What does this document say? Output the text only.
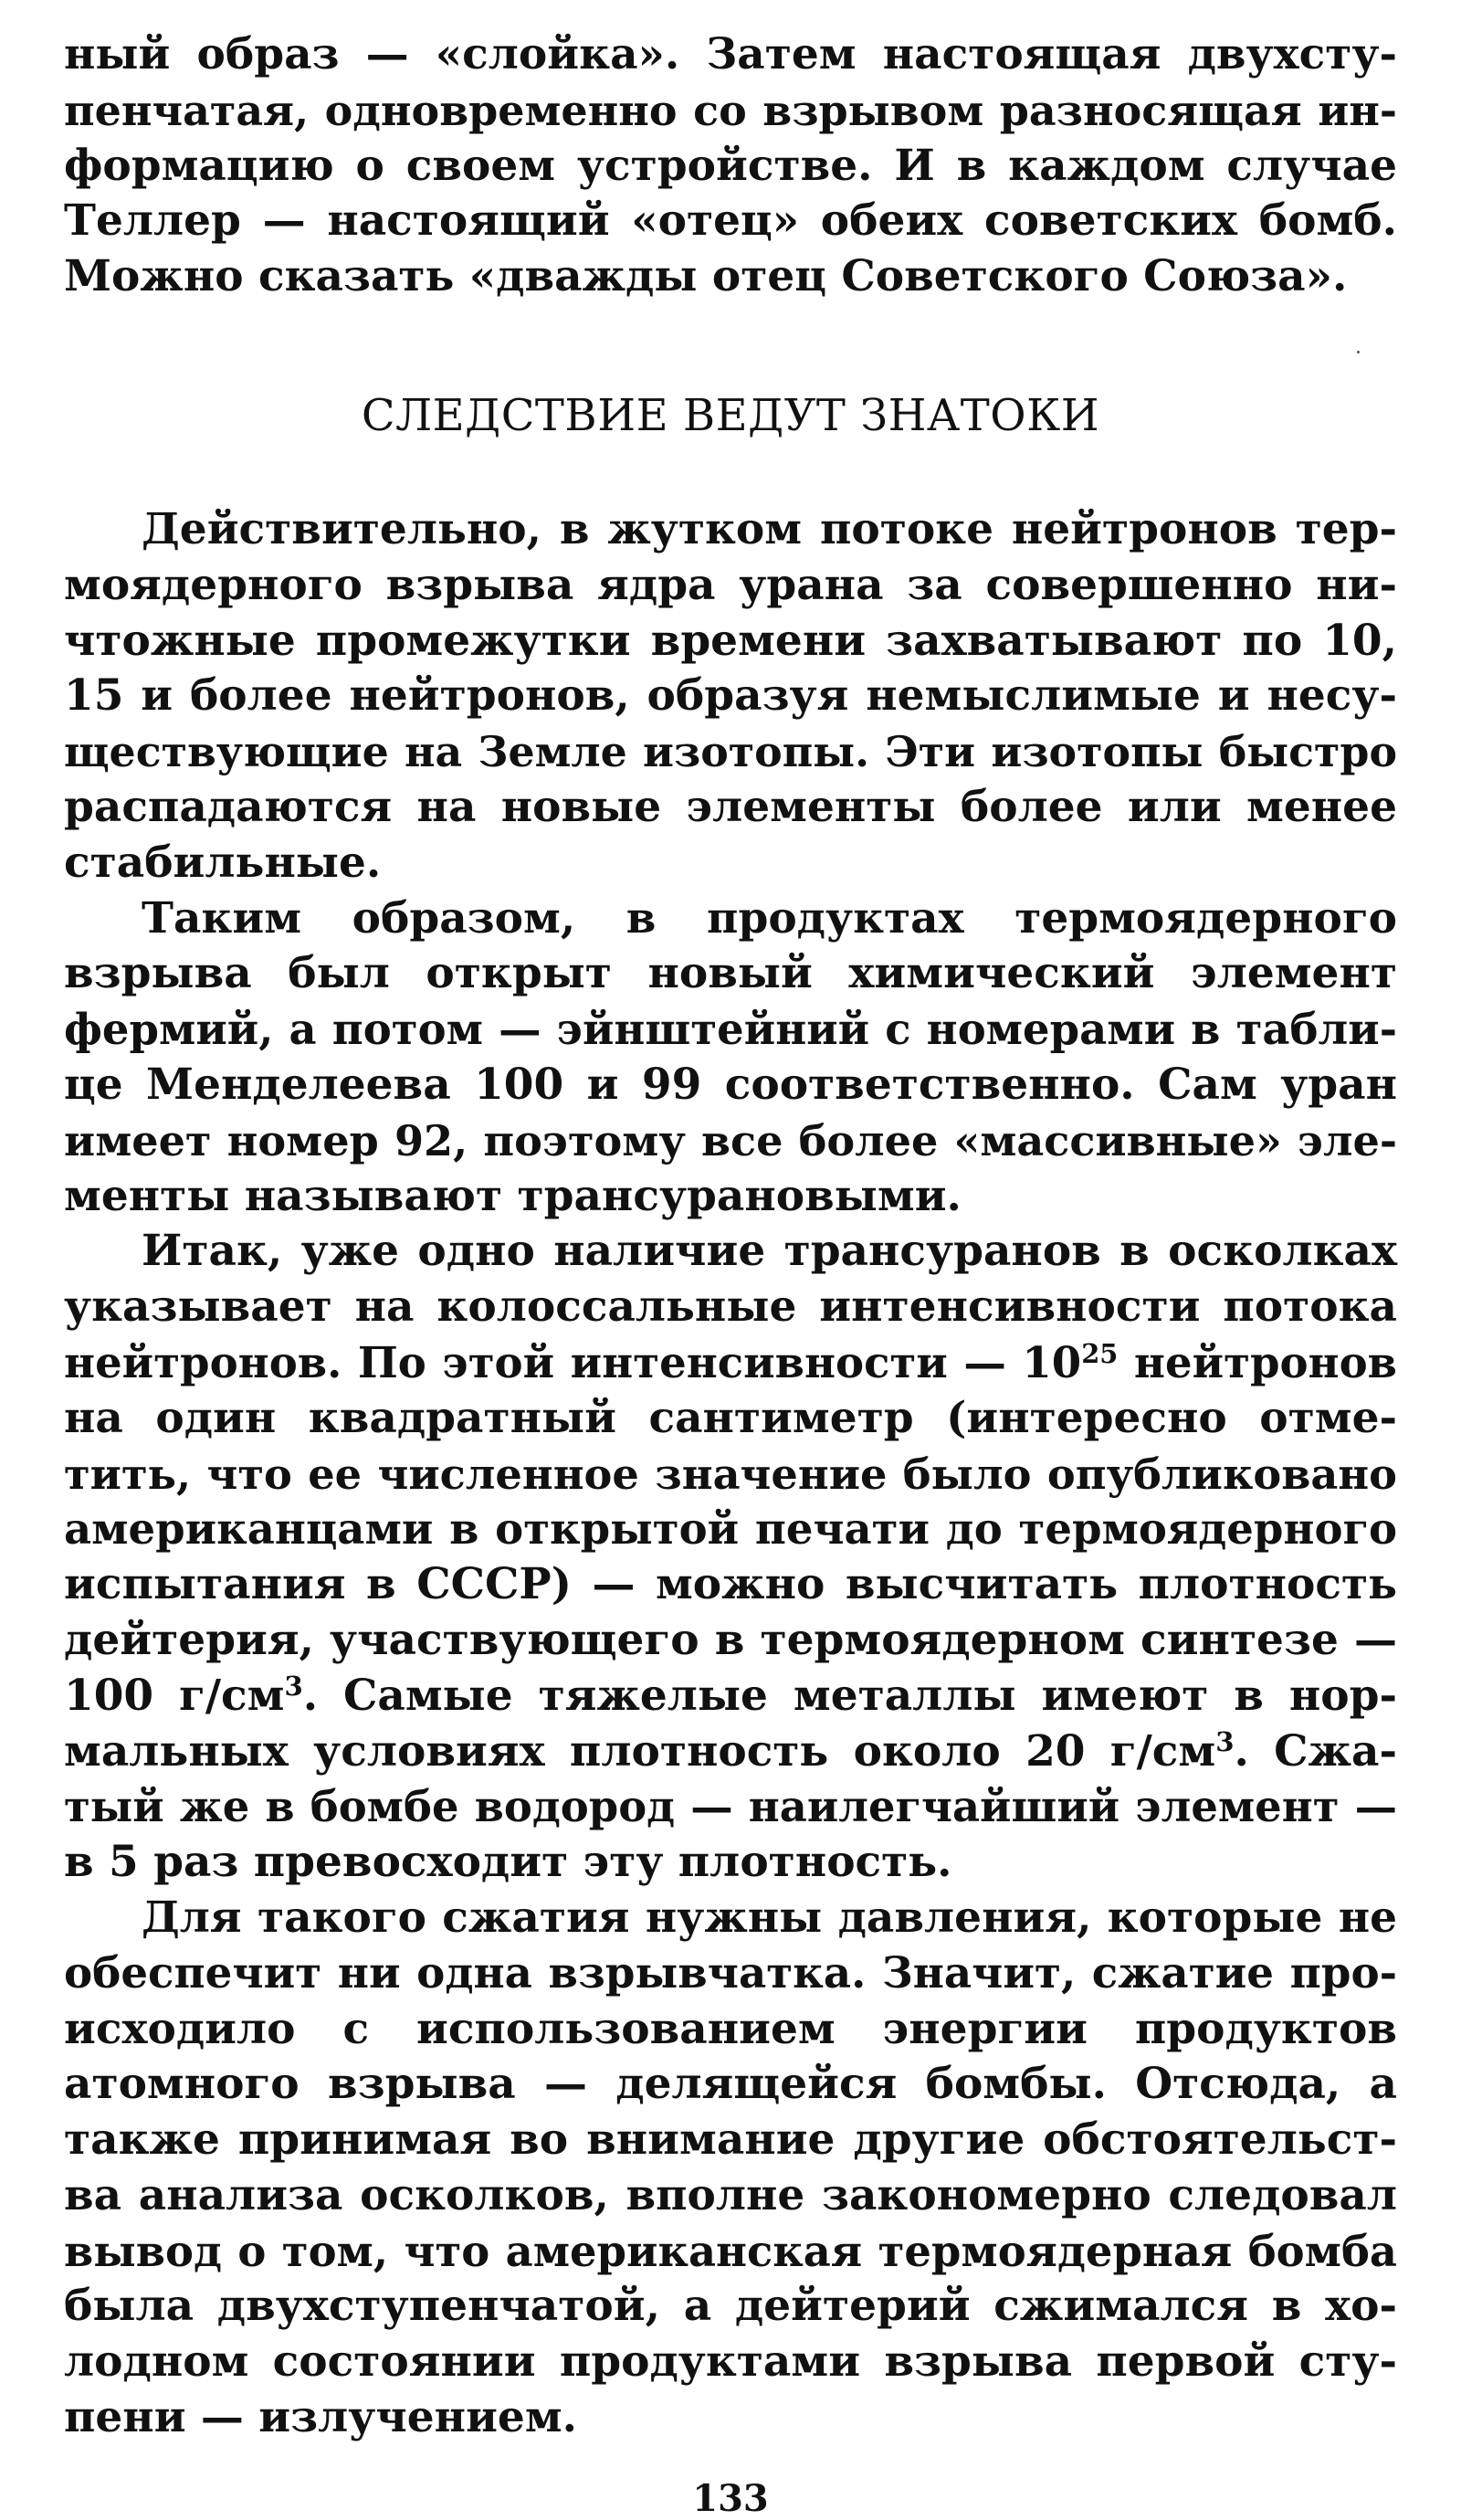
ный образ — «слойка». Затем настоящая двухсту-
пенчатая, одновременно со взрывом разносящая ин-
формацию о своем устройстве. И в каждом случае
Теллер — настоящий «отец» обеих советских бомб.
Можно сказать «дважды отец Советского Союза».
СЛЕДСТВИЕ ВЕДУТ ЗНАТОКИ
Действительно, в жутком потоке нейтронов тер-
моядерного взрыва ядра урана за совершенно ни-
чтожные промежутки времени захватывают по 10,
15 и более нейтронов, образуя немыслимые и несу-
ществующие на Земле изотопы. Эти изотопы быстро
распадаются на новые элементы более или менее
стабильные.
Таким образом, в продуктах термоядерного
взрыва был открыт новый химический элемент
фермий, а потом — эйнштейний с номерами в табли-
це Менделеева 100 и 99 соответственно. Сам уран
имеет номер 92, поэтому все более «массивные» эле-
менты называют трансурановыми.
Итак, уже одно наличие трансуранов в осколках
указывает на колоссальные интенсивности потока
нейтронов. По этой интенсивности — $10^{25}$ нейтронов
на один квадратный сантиметр (интересно отме-
тить, что ее численное значение было опубликовано
американцами в открытой печати до термоядерного
испытания в СССР) — можно высчитать плотность
дейтерия, участвующего в термоядерном синтезе —
100 $г/см^3$. Самые тяжелые металлы имеют в нор-
мальных условиях плотность около 20 $г/см^3$. Сжа-
тый же в бомбе водород — наилегчайший элемент —
в 5 раз превосходит эту плотность.
Для такого сжатия нужны давления, которые не
обеспечит ни одна взрывчатка. Значит, сжатие про-
исходило с использованием энергии продуктов
атомного взрыва — делящейся бомбы. Отсюда, а
также принимая во внимание другие обстоятельст-
ва анализа осколков, вполне закономерно следовал
вывод о том, что американская термоядерная бомба
была двухступенчатой, а дейтерий сжимался в хо-
лодном состоянии продуктами взрыва первой сту-
пени — излучением.
133
